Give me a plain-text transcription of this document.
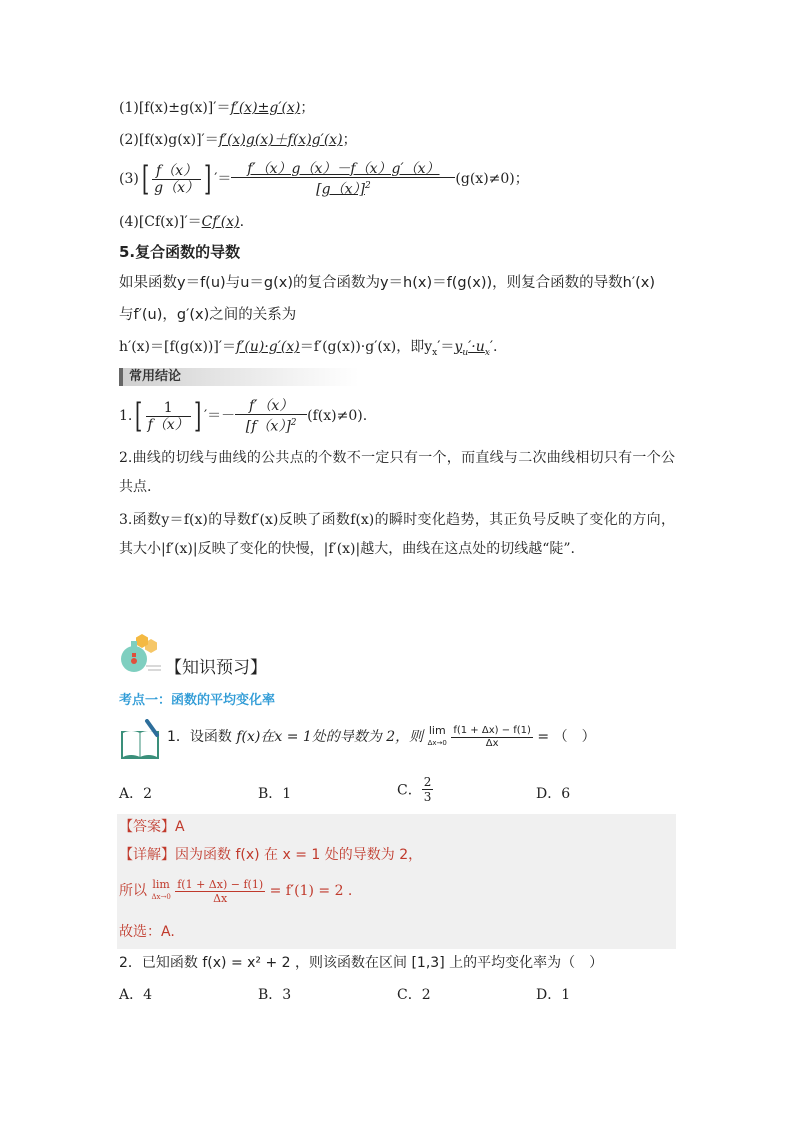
(1)[f(x)±g(x)]′＝f′(x)±g′(x)；
(2)[f(x)g(x)]′＝f′(x)g(x)＋f(x)g′(x)；
$(3)[ \frac{f(x)}{g(x)}$ ] ′＝ $\frac{f'(x)g(x)-f(x)g'(x)}{[g(x)]^2} (g(x)\ne 0)$；
(4)[Cf(x)]′＝Cf′(x).
5.复合函数的导数
如果函数y＝f(u)与u＝g(x)的复合函数为y＝h(x)＝f(g(x))，则复合函数的导数h′(x)
与f′(u)，g′(x)之间的关系为
h′(x)＝[f(g(x))]′＝f′(u)·g′(x)＝f′(g(x))·g′(x)，即$y_x'=y_u'\cdot u_x'$.
常用结论
$1.[ \frac{1}{f(x)}$ ] ′＝－ $\frac{f'(x)}{[f(x)]^2} (f(x)\ne 0)$.
2.曲线的切线与曲线的公共点的个数不一定只有一个，而直线与二次曲线相切只有一个公共点.
3.函数y＝f(x)的导数f′(x)反映了函数f(x)的瞬时变化趋势，其正负号反映了变化的方向，其大小|f′(x)|反映了变化的快慢，|f′(x)|越大，曲线在这点处的切线越“陡”.
【知识预习】
考点一：函数的平均变化率
1．设函数 f(x)在x = 1处的导数为 2，则 lim
$\Delta x\to 0 \frac{f(1 + \Delta x) - f(1)}{\Delta x}$ = （　）
A．2	B．1	C． $\frac{2}{3}$	D．6
【答案】A
【详解】因为函数 f(x) 在 x = 1 处的导数为 2，
所以 lim
$\Delta x\to 0 \frac{f(1 + \Delta x) - f(1)}{\Delta x} = f'(1) = 2$ .
故选：A.
2．已知函数 f(x) = x² + 2 ，则该函数在区间 [1,3] 上的平均变化率为（　）
A．4	B．3	C．2	D．1
